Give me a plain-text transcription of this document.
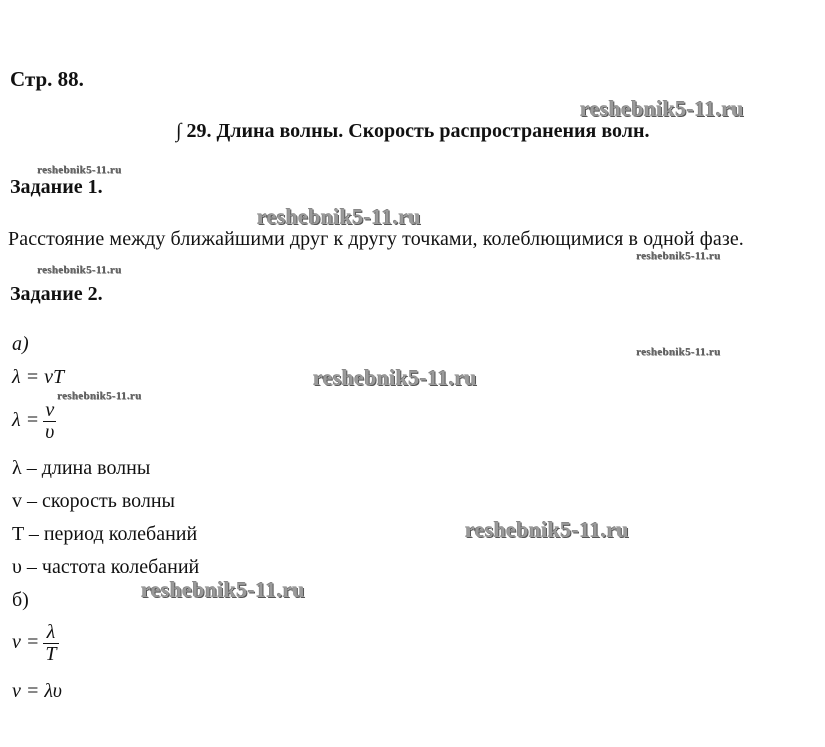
Стр. 88.
∫ 29. Длина волны. Скорость распространения волн.
Задание 1.
Расстояние между ближайшими друг к другу точками, колеблющимися в одной фазе.
Задание 2.
а)
λ = vT
$\lambda = \frac{v}{\upsilon}$
λ – длина волны
v – скорость волны
T – период колебаний
υ – частота колебаний
б)
$v = \frac{\lambda}{T}$
v = λυ
reshebnik5-11.ru
reshebnik5-11.ru
reshebnik5-11.ru
reshebnik5-11.ru
reshebnik5-11.ru
reshebnik5-11.ru
reshebnik5-11.ru
reshebnik5-11.ru
reshebnik5-11.ru
reshebnik5-11.ru
